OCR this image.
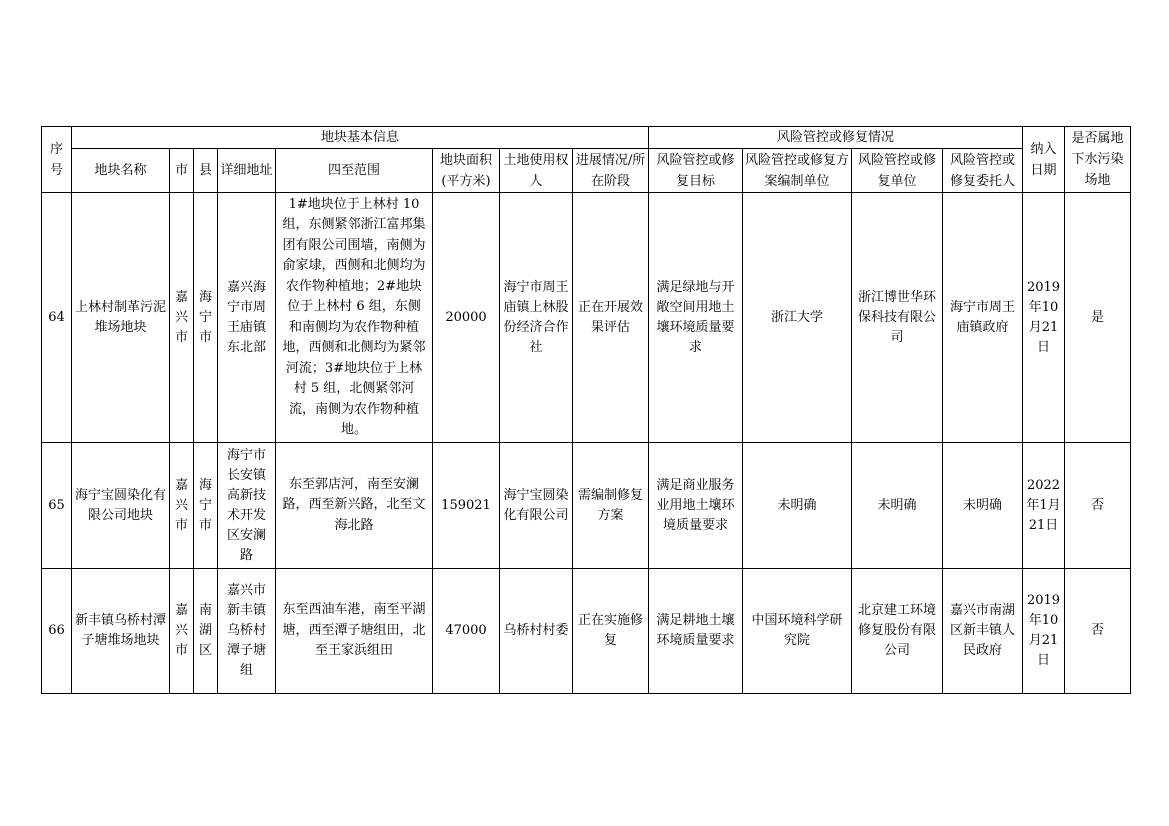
序号	地块基本信息								风险管控或修复情况				纳入日期	是否属地下水污染场地
	地块名称	市	县	详细地址	四至范围	地块面积(平方米)	土地使用权人	进展情况/所在阶段	风险管控或修复目标	风险管控或修复方案编制单位	风险管控或修复单位	风险管控或修复委托人		
64	上林村制革污泥堆场地块	嘉兴市	海宁市	嘉兴海宁市周王庙镇东北部	1#地块位于上林村 10 组，东侧紧邻浙江富邦集团有限公司围墙，南侧为俞家埭，西侧和北侧均为农作物种植地；2#地块位于上林村 6 组，东侧和南侧均为农作物种植地，西侧和北侧均为紧邻河流；3#地块位于上林村 5 组，北侧紧邻河流，南侧为农作物种植地。	20000	海宁市周王庙镇上林股份经济合作社	正在开展效果评估	满足绿地与开敞空间用地土壤环境质量要求	浙江大学	浙江博世华环保科技有限公司	海宁市周王庙镇政府	2019年10月21日	是
65	海宁宝圆染化有限公司地块	嘉兴市	海宁市	海宁市长安镇高新技术开发区安澜路	东至郭店河，南至安澜路，西至新兴路，北至文海北路	159021	海宁宝圆染化有限公司	需编制修复方案	满足商业服务业用地土壤环境质量要求	未明确	未明确	未明确	2022年1月21日	否
66	新丰镇乌桥村潭子塘堆场地块	嘉兴市	南湖区	嘉兴市新丰镇乌桥村潭子塘组	东至西油车港，南至平湖塘，西至潭子塘组田，北至王家浜组田	47000	乌桥村村委	正在实施修复	满足耕地土壤环境质量要求	中国环境科学研究院	北京建工环境修复股份有限公司	嘉兴市南湖区新丰镇人民政府	2019年10月21日	否
